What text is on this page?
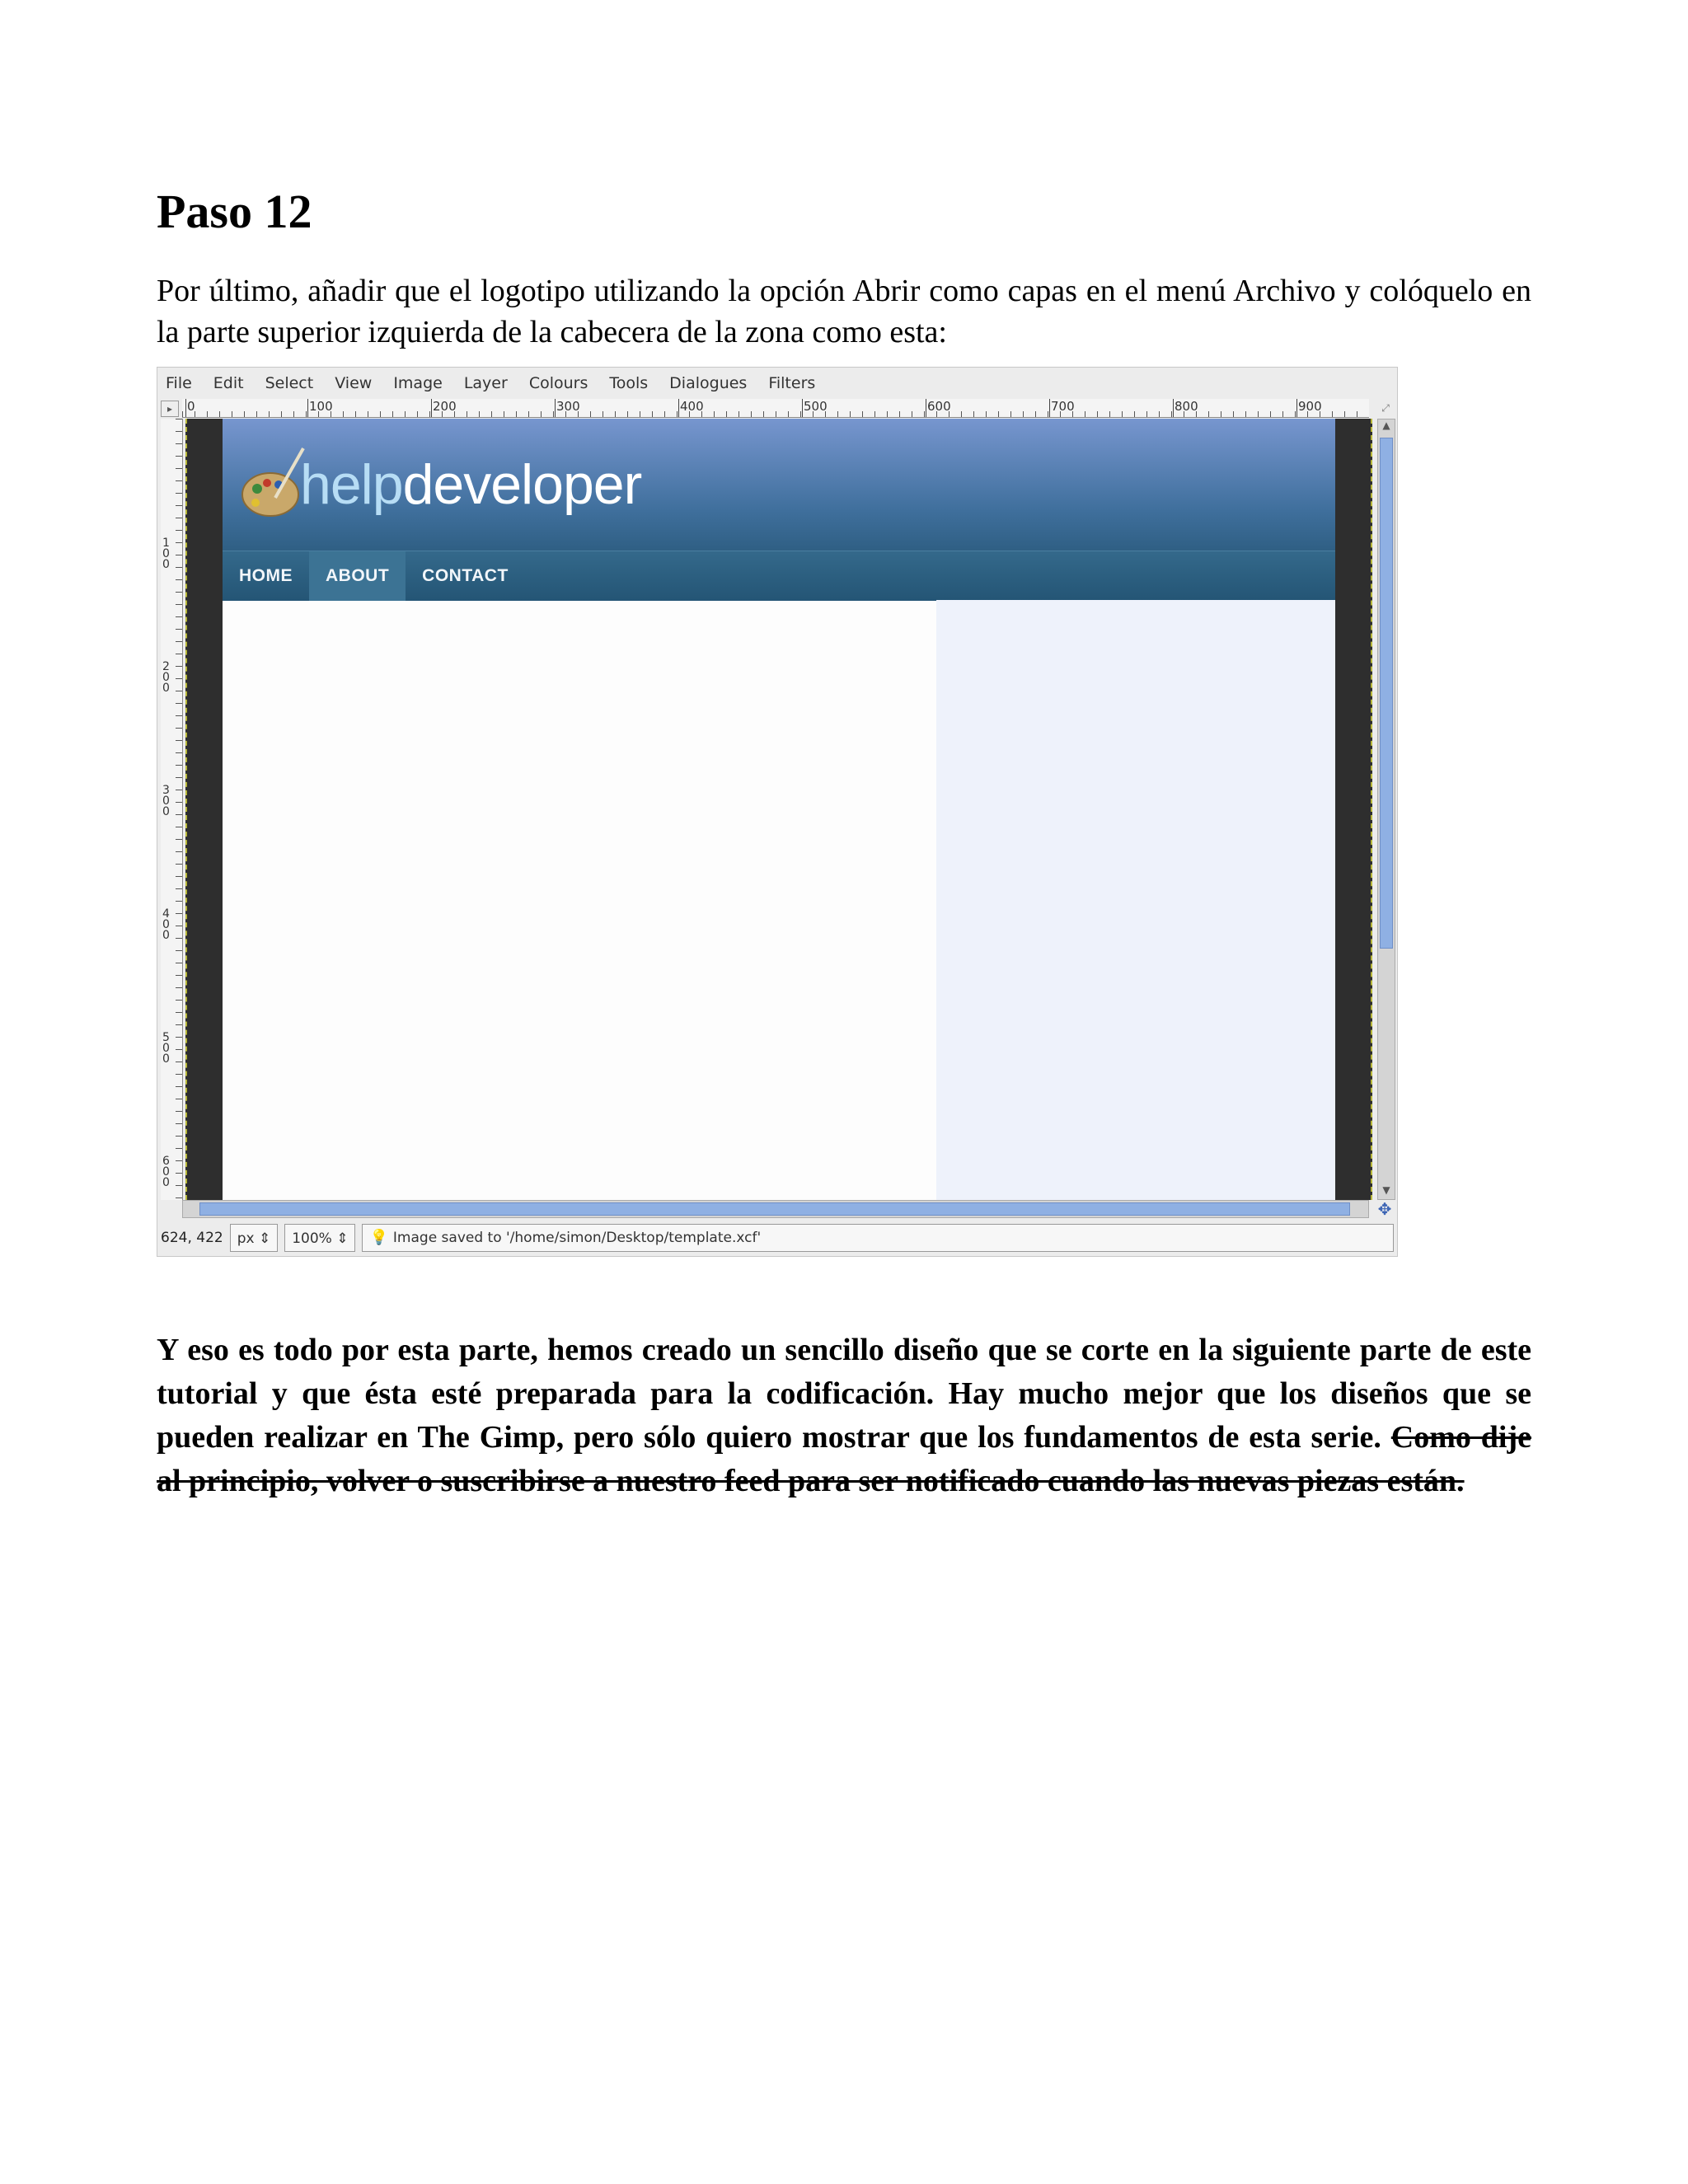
Paso 12

Por último, añadir que el logotipo utilizando la opción Abrir como capas en el menú Archivo y colóquelo en la parte superior izquierda de la cabecera de la zona como esta:

File Edit Select View Image Layer Colours Tools Dialogues Filters
▸	⤢
0	100	200	300	400	500	600	700	800	900
100
200
300
400
500
600
helpdeveloper
HOME	ABOUT	CONTACT
▲
▼
✥
624, 422	px ⇕	100% ⇕	💡 Image saved to '/home/simon/Desktop/template.xcf'

Y eso es todo por esta parte, hemos creado un sencillo diseño que se corte en la siguiente parte de este tutorial y que ésta esté preparada para la codificación. Hay mucho mejor que los diseños que se pueden realizar en The Gimp, pero sólo quiero mostrar que los fundamentos de esta serie. Como dije al principio, volver o suscribirse a nuestro feed para ser notificado cuando las nuevas piezas están.
